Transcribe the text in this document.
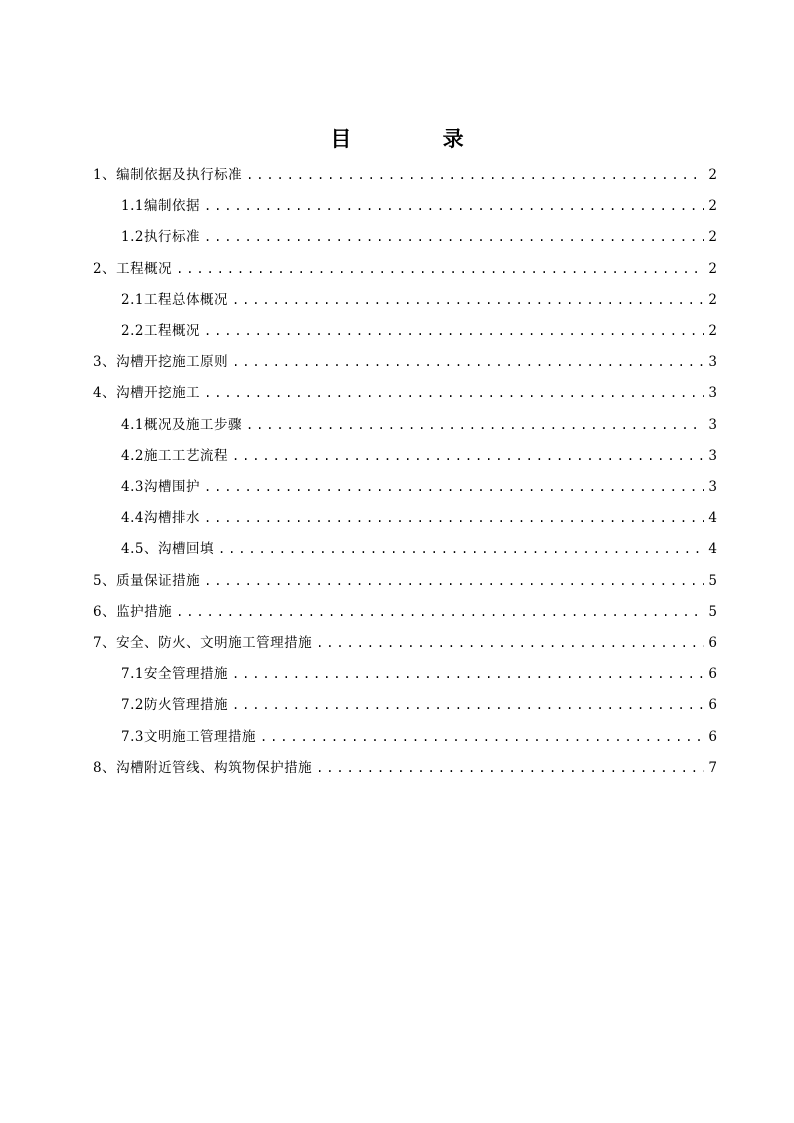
目 录
1、编制依据及执行标准 .....	2
1.1编制依据 .....	2
1.2执行标准 .....	2
2、工程概况 .....	2
2.1工程总体概况 .....	2
2.2工程概况 .....	2
3、沟槽开挖施工原则 .....	3
4、沟槽开挖施工 .....	3
4.1概况及施工步骤 .....	3
4.2施工工艺流程 .....	3
4.3沟槽围护 .....	3
4.4沟槽排水 .....	4
4.5、沟槽回填 .....	4
5、质量保证措施 .....	5
6、监护措施 .....	5
7、安全、防火、文明施工管理措施 .....	6
7.1安全管理措施 .....	6
7.2防火管理措施 .....	6
7.3文明施工管理措施 .....	6
8、沟槽附近管线、构筑物保护措施 .....	7
